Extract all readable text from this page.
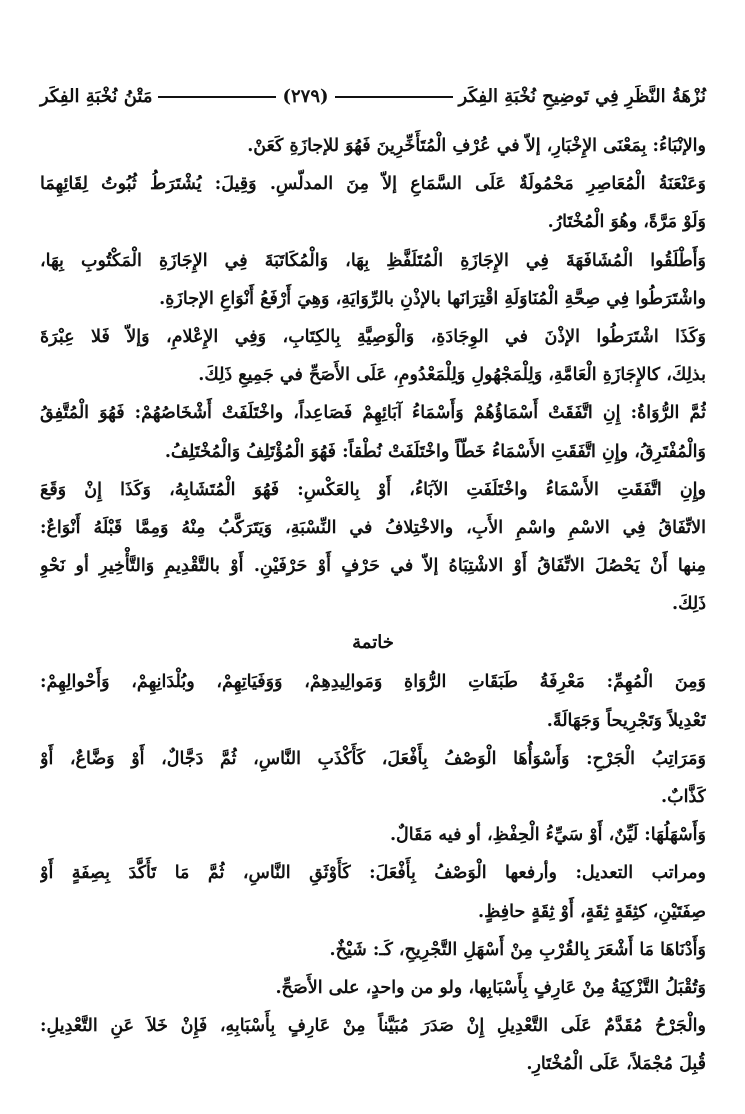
نُزْهَةُ النَّظَرِ فِي تَوضِيحِ نُخْبَةِ الفِكَر
(٢٧٩)
مَتْنُ نُخْبَةِ الفِكَر
والإنْبَاءُ: بِمَعْنَى الإِخْبَارِ، إلاّ في عُرْفِ الْمُتَأَخِّرِينَ فَهُوَ للإجازَةِ كَعَنْ.
وَعَنْعَنَةُ الْمُعَاصِرِ مَحْمُولَةٌ عَلَى السَّمَاعِ إلاّ مِنَ المدلّسِ. وَقِيلَ: يُشْتَرَطُ ثُبُوتُ لِقَائِهِمَا
وَلَوْ مَرَّةً، وهُوَ الْمُخْتَارُ.
وَأَطْلَقُوا الْمُشَافَهَةَ فِي الإِجَازَةِ الْمُتَلَفَّظِ بِهَا، وَالْمُكَاتَبَةَ فِي الإِجَازَةِ الْمَكْتُوبِ بِهَا،
واشْتَرَطُوا فِي صِحَّةِ الْمُنَاوَلَةِ اقْتِرَانَها بالإذْنِ بالرِّوَايَةِ، وَهِيَ أَرْفَعُ أَنْوَاعِ الإجازَةِ.
وَكَذَا اشْتَرَطُوا الإذْنَ في الوِجَادَةِ، وَالْوَصِيَّةِ بِالكِتَابِ، وَفِي الإِعْلامِ، وَإلاّ فَلا عِبْرَةَ
بذلِكَ، كالإِجَازَةِ الْعَامَّةِ، وَلِلْمَجْهُولِ وَلِلْمَعْدُومِ، عَلَى الأَصَحِّ في جَمِيعِ ذَلِكَ.
ثُمَّ الرُّوَاةُ: إِنِ اتَّفَقَتْ أَسْمَاؤُهُمْ وَأَسْمَاءُ آبَائِهِمْ فَصَاعِداً، واخْتَلَفَتْ أَشْخَاصُهُمْ: فَهُوَ الْمُتَّفِقُ
وَالْمُفْتَرِقُ، وإِنِ اتَّفَقَتِ الأَسْمَاءُ خَطّاً واخْتَلَفَتْ نُطْقاً: فَهُوَ الْمُؤْتَلِفُ وَالْمُخْتَلِفُ.
وإِنِ اتَّفَقَتِ الأَسْمَاءُ واخْتَلَفَتِ الآبَاءُ، أَوْ بِالعَكْسِ: فَهُوَ الْمُتَشَابِهُ، وَكَذَا إِنْ وَقَعَ
الاتِّفَاقُ فِي الاسْمِ واسْمِ الأَبِ، والاخْتِلافُ في النِّسْبَةِ، وَيَتَرَكَّبُ مِنْهُ وَمِمَّا قَبْلَهُ أَنْوَاعٌ:
مِنها أَنْ يَحْصُلَ الاتِّفَاقُ أَوْ الاشْتِبَاهُ إلاّ في حَرْفٍ أَوْ حَرْفَيْنِ. أَوْ بالتَّقْدِيمِ وَالتَّأْخِيرِ أو نَحْوِ
ذَلِكَ.
خاتمة
وَمِنَ الْمُهِمِّ: مَعْرِفَةُ طَبَقَاتِ الرُّوَاةِ وَمَوالِيدِهِمْ، وَوَفَيَاتِهِمْ، وبُلْدَانِهِمْ، وَأَحْوالِهِمْ:
تَعْدِيلاً وَتَجْرِيحاً وَجَهَالَةً.
وَمَرَاتِبُ الْجَرْحِ: وَأَسْوَأُهَا الْوَصْفُ بِأَفْعَلَ، كَأَكْذَبِ النَّاسِ، ثُمَّ دَجَّالٌ، أَوْ وَضَّاعٌ، أَوْ
كَذَّابٌ.
وَأَسْهَلُهَا: لَيِّنٌ، أَوْ سَيِّءُ الْحِفْظِ، أو فيه مَقَالٌ.
ومراتب التعديل: وأرفعها الْوَصْفُ بِأَفْعَلَ: كَأَوْثَقِ النَّاسِ، ثُمَّ مَا تَأَكَّدَ بِصِفَةٍ أَوْ
صِفَتَيْنِ، كثِقَةٍ ثِقَةٍ، أَوْ ثِقَةٍ حافِظٍ.
وَأَدْنَاهَا مَا أَشْعَرَ بِالقُرْبِ مِنْ أَسْهَلِ التَّجْرِيحِ، كَـ: شَيْخٌ.
وَتُقْبَلُ التَّزْكِيَةُ مِنْ عَارِفٍ بِأَسْبَابِها، ولو من واحدٍ، على الأَصَحِّ.
والْجَرْحُ مُقَدَّمٌ عَلَى التَّعْدِيلِ إِنْ صَدَرَ مُبَيَّناً مِنْ عَارِفٍ بِأَسْبَابِهِ، فَإِنْ خَلاَ عَنِ التَّعْدِيلِ:
قُبِلَ مُجْمَلاً، عَلَى الْمُخْتَارِ.
